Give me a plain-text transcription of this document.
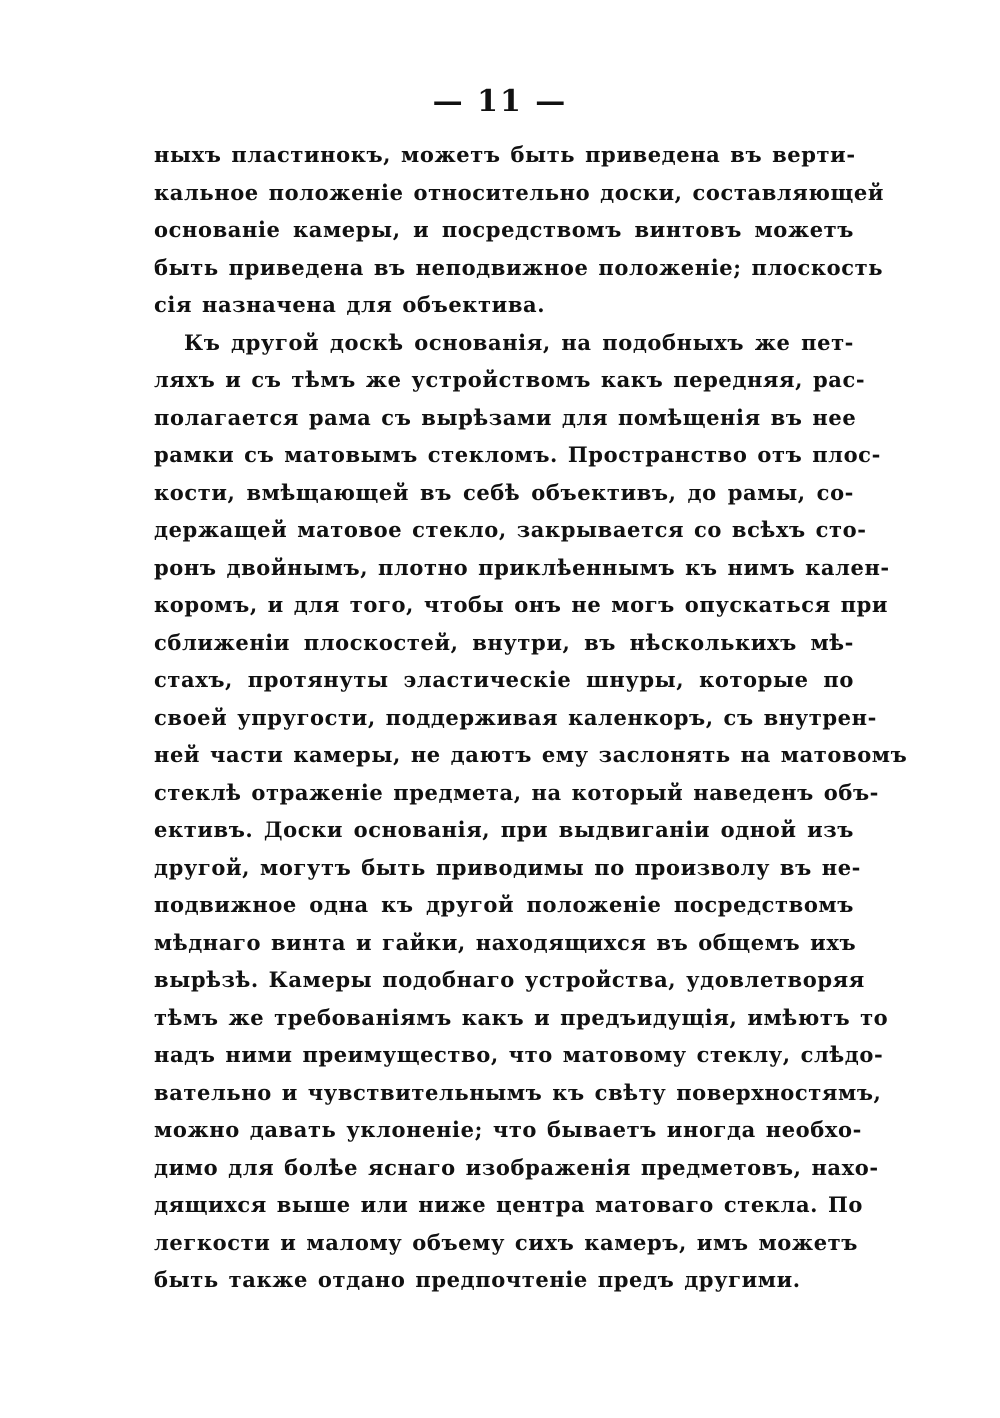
— 11 —
ныхъ пластинокъ, можетъ быть приведена въ верти-
кальное положеніе относительно доски, составляющей
основаніе камеры, и посредствомъ винтовъ можетъ
быть приведена въ неподвижное положеніе; плоскость
сія назначена для объектива.
Къ другой доскѣ основанія, на подобныхъ же пет-
ляхъ и съ тѣмъ же устройствомъ какъ передняя, рас-
полагается рама съ вырѣзами для помѣщенія въ нее
рамки съ матовымъ стекломъ. Пространство отъ плос-
кости, вмѣщающей въ себѣ объективъ, до рамы, со-
держащей матовое стекло, закрывается со всѣхъ сто-
ронъ двойнымъ, плотно приклѣеннымъ къ нимъ калeн-
коромъ, и для того, чтобы онъ не могъ опускаться при
сближеніи плоскостей, внутри, въ нѣсколькихъ мѣ-
стахъ, протянуты эластическіе шнуры, которые по
своей упругости, поддерживая каленкоръ, съ внутрен-
ней части камеры, не даютъ ему заслонять на матовомъ
стеклѣ отраженіе предмета, на который наведенъ объ-
ективъ. Доски основанія, при выдвиганіи одной изъ
другой, могутъ быть приводимы по произволу въ не-
подвижное одна къ другой положеніе посредствомъ
мѣднаго винта и гайки, находящихся въ общемъ ихъ
вырѣзѣ. Камеры подобнаго устройства, удовлетворяя
тѣмъ же требованіямъ какъ и предъидущія, имѣютъ то
надъ ними преимущество, что матовому стеклу, слѣдо-
вательно и чувствительнымъ къ свѣту поверхностямъ,
можно давать уклоненіе; что бываетъ иногда необхо-
димо для болѣе яснаго изображенія предметовъ, нахо-
дящихся выше или ниже центра матоваго стекла. По
легкости и малому объему сихъ камеръ, имъ можетъ
быть также отдано предпочтеніе предъ другими.
